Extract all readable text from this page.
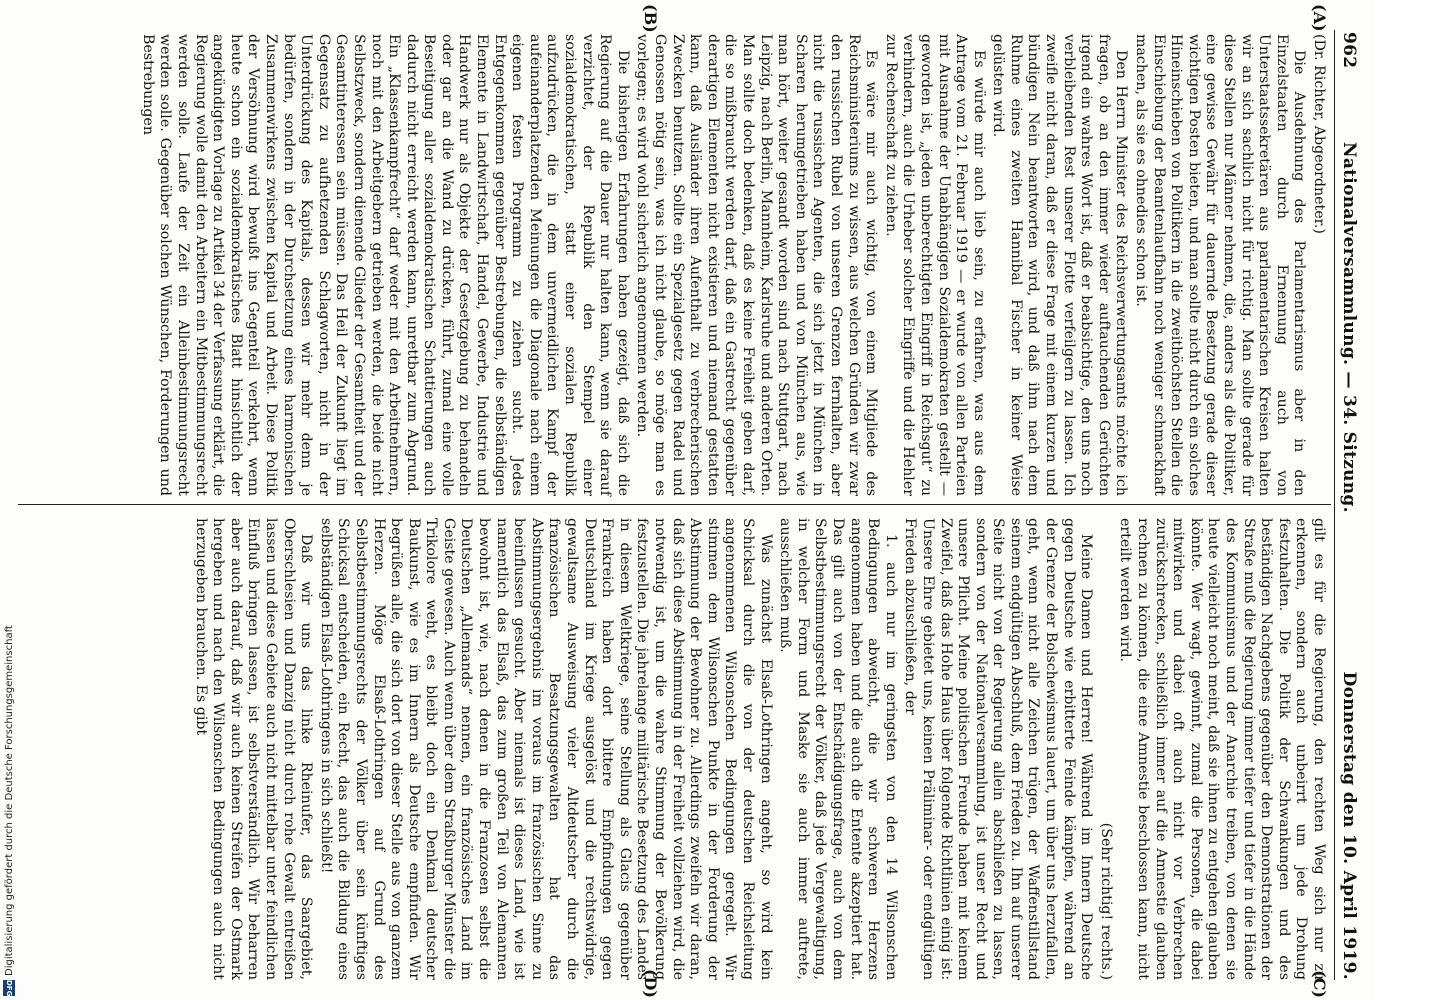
962
Nationalversammlung. — 34. Sitzung.
Donnerstag den 10. April 1919.
(A)
(B)
(C)
(D)

(Dr. Richter, Abgeordneter.)

Die Ausdehnung des Parlamentarismus aber in den Einzelstaaten durch Ernennung auch von Unterstaatssekretären aus parlamentarischen Kreisen halten wir an sich sachlich nicht für richtig. Man sollte gerade für diese Stellen nur Männer nehmen, die, anders als die Politiker, eine gewisse Gewähr für dauernde Besetzung gerade dieser wichtigen Posten bieten, und man sollte nicht durch ein solches Hineinschieben von Politikern in die zweithöchsten Stellen die Einschiebung der Beamtenlaufbahn noch weniger schmackhaft machen, als sie es ohnedies schon ist.

Den Herrn Minister des Reichsverwertungsamts möchte ich fragen, ob an den immer wieder auftauchenden Gerüchten irgend ein wahres Wort ist, daß er beabsichtige, den uns noch verbleibenden Rest unserer Flotte verfeilgern zu lassen. Ich zweifle nicht daran, daß er diese Frage mit einem kurzen und bündigen Nein beantworten wird, und daß ihm nach dem Ruhme eines zweiten Hannibal Fischer in keiner Weise gelüsten wird.

Es würde mir auch lieb sein, zu erfahren, was aus dem Antrage vom 21. Februar 1919 — er wurde von allen Parteien mit Ausnahme der Unabhängigen Sozialdemokraten gestellt — geworden ist, „jeden unberechtigten Eingriff in Reichsgut“ zu verhindern, auch die Urheber solcher Eingriffe und die Hehler zur Rechenschaft zu ziehen.

Es wäre mir auch wichtig, von einem Mitgliede des Reichsministeriums zu wissen, aus welchen Gründen wir zwar den russischen Rubel von unseren Grenzen fernhalten, aber nicht die russischen Agenten, die sich jetzt in München in Scharen herumgetrieben haben und von München aus, wie man hört, weiter gesandt worden sind nach Stuttgart, nach Leipzig, nach Berlin, Mannheim, Karlsruhe und anderen Orten. Man sollte doch bedenken, daß es keine Freiheit geben darf, die so mißbraucht werden darf, daß ein Gastrecht gegenüber derartigen Elementen nicht existieren und niemand gestatten kann, daß Ausländer ihren Aufenthalt zu verbrecherischen Zwecken benutzen. Sollte ein Spezialgesetz gegen Radel und Genossen nötig sein, was ich nicht glaube, so möge man es vorlegen; es wird wohl sicherlich angenommen werden.

Die bisherigen Erfahrungen haben gezeigt, daß sich die Regierung auf die Dauer nur halten kann, wenn sie darauf verzichtet, der Republik den Stempel einer sozialdemokratischen, statt einer sozialen Republik aufzudrücken, die in dem unvermeidlichen Kampf der aufeinanderplatzenden Meinungen die Diagonale nach einem eigenen festen Programm zu ziehen sucht. Jedes Entgegenkommen gegenüber Bestrebungen, die selbständigen Elemente in Landwirtschaft, Handel, Gewerbe, Industrie und Handwerk nur als Objekte der Gesetzgebung zu behandeln oder gar an die Wand zu drücken, führt, zumal eine volle Beseitigung aller sozialdemokratischen Schattierungen auch dadurch nicht erreicht werden kann, unrettbar zum Abgrund. Ein „Klassenkampfrecht“ darf weder mit den Arbeitnehmern, noch mit den Arbeitgebern getrieben werden, die beide nicht Selbstzweck, sondern dienende Glieder der Gesamtheit und der Gesamtinteressen sein müssen. Das Heil der Zukunft liegt im Gegensatz zu aufhetzenden Schlagworten, nicht in der Unterdrückung des Kapitals, dessen wir mehr denn je bedürfen, sondern in der Durchsetzung eines harmonischen Zusammenwirkens zwischen Kapital und Arbeit. Diese Politik der Versöhnung wird bewußt ins Gegenteil verkehrt, wenn heute schon ein sozialdemokratisches Blatt hinsichtlich der angekündigten Vorlage zu Artikel 34 der Verfassung erklärt, die Regierung wolle damit den Arbeitern ein Mitbestimmungsrecht werden solle. Laufe der Zeit ein Alleinbestimmungsrecht werden solle. Gegenüber solchen Wünschen, Forderungen und Bestrebungen

gilt es für die Regierung, den rechten Weg sich nur zu erkennen, sondern auch unbeirrt um jede Drohung festzuhalten. Die Politik der Schwankungen und des beständigen Nachgebens gegenüber den Demonstrationen der Straße muß die Regierung immer tiefer und tiefer in die Hände des Kommunismus und der Anarchie treiben, von denen sie heute vielleicht noch meint, daß sie ihnen zu entgehen glauben könnte. Wer wagt, gewinnt, zumal die Personen, die dabei mitwirken und dabei oft auch nicht vor Verbrechen zurückschrecken, schließlich immer auf die Amnestie glauben rechnen zu können, die eine Amnestie beschlossen kann, nicht erteilt werden wird.

(Sehr richtig! rechts.)

Meine Damen und Herren! Während im Innern Deutsche gegen Deutsche wie erbitterte Feinde kämpfen, während an der Grenze der Bolschewismus lauert, um über uns herzufallen, geht, wenn nicht alle Zeichen trügen, der Waffenstillstand seinem endgültigen Abschluß, dem Frieden zu. Ihn auf unserer Seite nicht von der Regierung allein abschließen zu lassen, sondern von der Nationalversammlung, ist unser Recht und unsere Pflicht. Meine politischen Freunde haben mit keinem Zweifel, daß das Hohe Haus über folgende Richtlinien einig ist: Unsere Ehre gebietet uns, keinen Präliminar- oder endgültigen Frieden abzuschließen, der

1. auch nur im geringsten von den 14 Wilsonschen Bedingungen abweicht, die wir schweren Herzens angenommen haben und die auch die Entente akzeptiert hat. Das gilt auch von der Entschädigungsfrage, auch von dem Selbstbestimmungsrecht der Völker, daß jede Vergewaltigung, in welcher Form und Maske sie auch immer auftrete, ausschließen muß.

Was zunächst Elsaß-Lothringen angeht, so wird kein Schicksal durch die von der deutschen Reichsleitung angenommenen Wilsonschen Bedingungen geregelt. Wir stimmen dem Wilsonschen Punkte in der Forderung der Abstimmung der Bewohner zu. Allerdings zweifeln wir daran, daß sich diese Abstimmung in der Freiheit vollziehen wird, die notwendig ist, um die wahre Stimmung der Bevölkerung festzustellen. Die jahrelange militärische Besetzung des Landes in diesem Weltkriege, seine Stellung als Glacis gegenüber Frankreich haben dort bittere Empfindungen gegen Deutschland im Kriege ausgelöst und die rechtswidrige, gewaltsame Ausweisung vieler Altdeutscher durch die französischen Besatzungsgewalten hat das Abstimmungsergebnis im voraus im französischen Sinne zu beeinflussen gesucht. Aber niemals ist dieses Land, wie ist namentlich das Elsaß, das zum großen Teil von Alemannen bewohnt ist, wie, nach denen in die Franzosen selbst die Deutschen „Allemands“ nennen, ein französisches Land im Geiste gewesen. Auch wenn über dem Straßburger Münster die Trikolore weht, es bleibt doch ein Denkmal deutscher Baukunst, wie es im Innern als Deutsche empfinden. Wir begrüßen alle, die sich dort von dieser Stelle aus von ganzem Herzen. Möge Elsaß-Lothringen auf Grund des Selbstbestimmungsrechts der Völker über sein künftiges Schicksal entscheiden, ein Recht, das auch die Bildung eines selbständigen Elsaß-Lothringens in sich schließt!

Daß wir uns das linke Rheinufer, das Saargebiet, Oberschlesien und Danzig nicht durch rohe Gewalt entreißen lassen und diese Gebiete auch nicht mittelbar unter feindlichen Einfluß bringen lassen, ist selbstverständlich. Wir beharren aber auch darauf, daß wir auch keinen Streifen der Ostmark hergeben und nach den Wilsonschen Bedingungen auch nicht herzugeben brauchen. Es gibt

Digitalisierung gefördert durch die Deutsche Forschungsgemeinschaft
DFG
